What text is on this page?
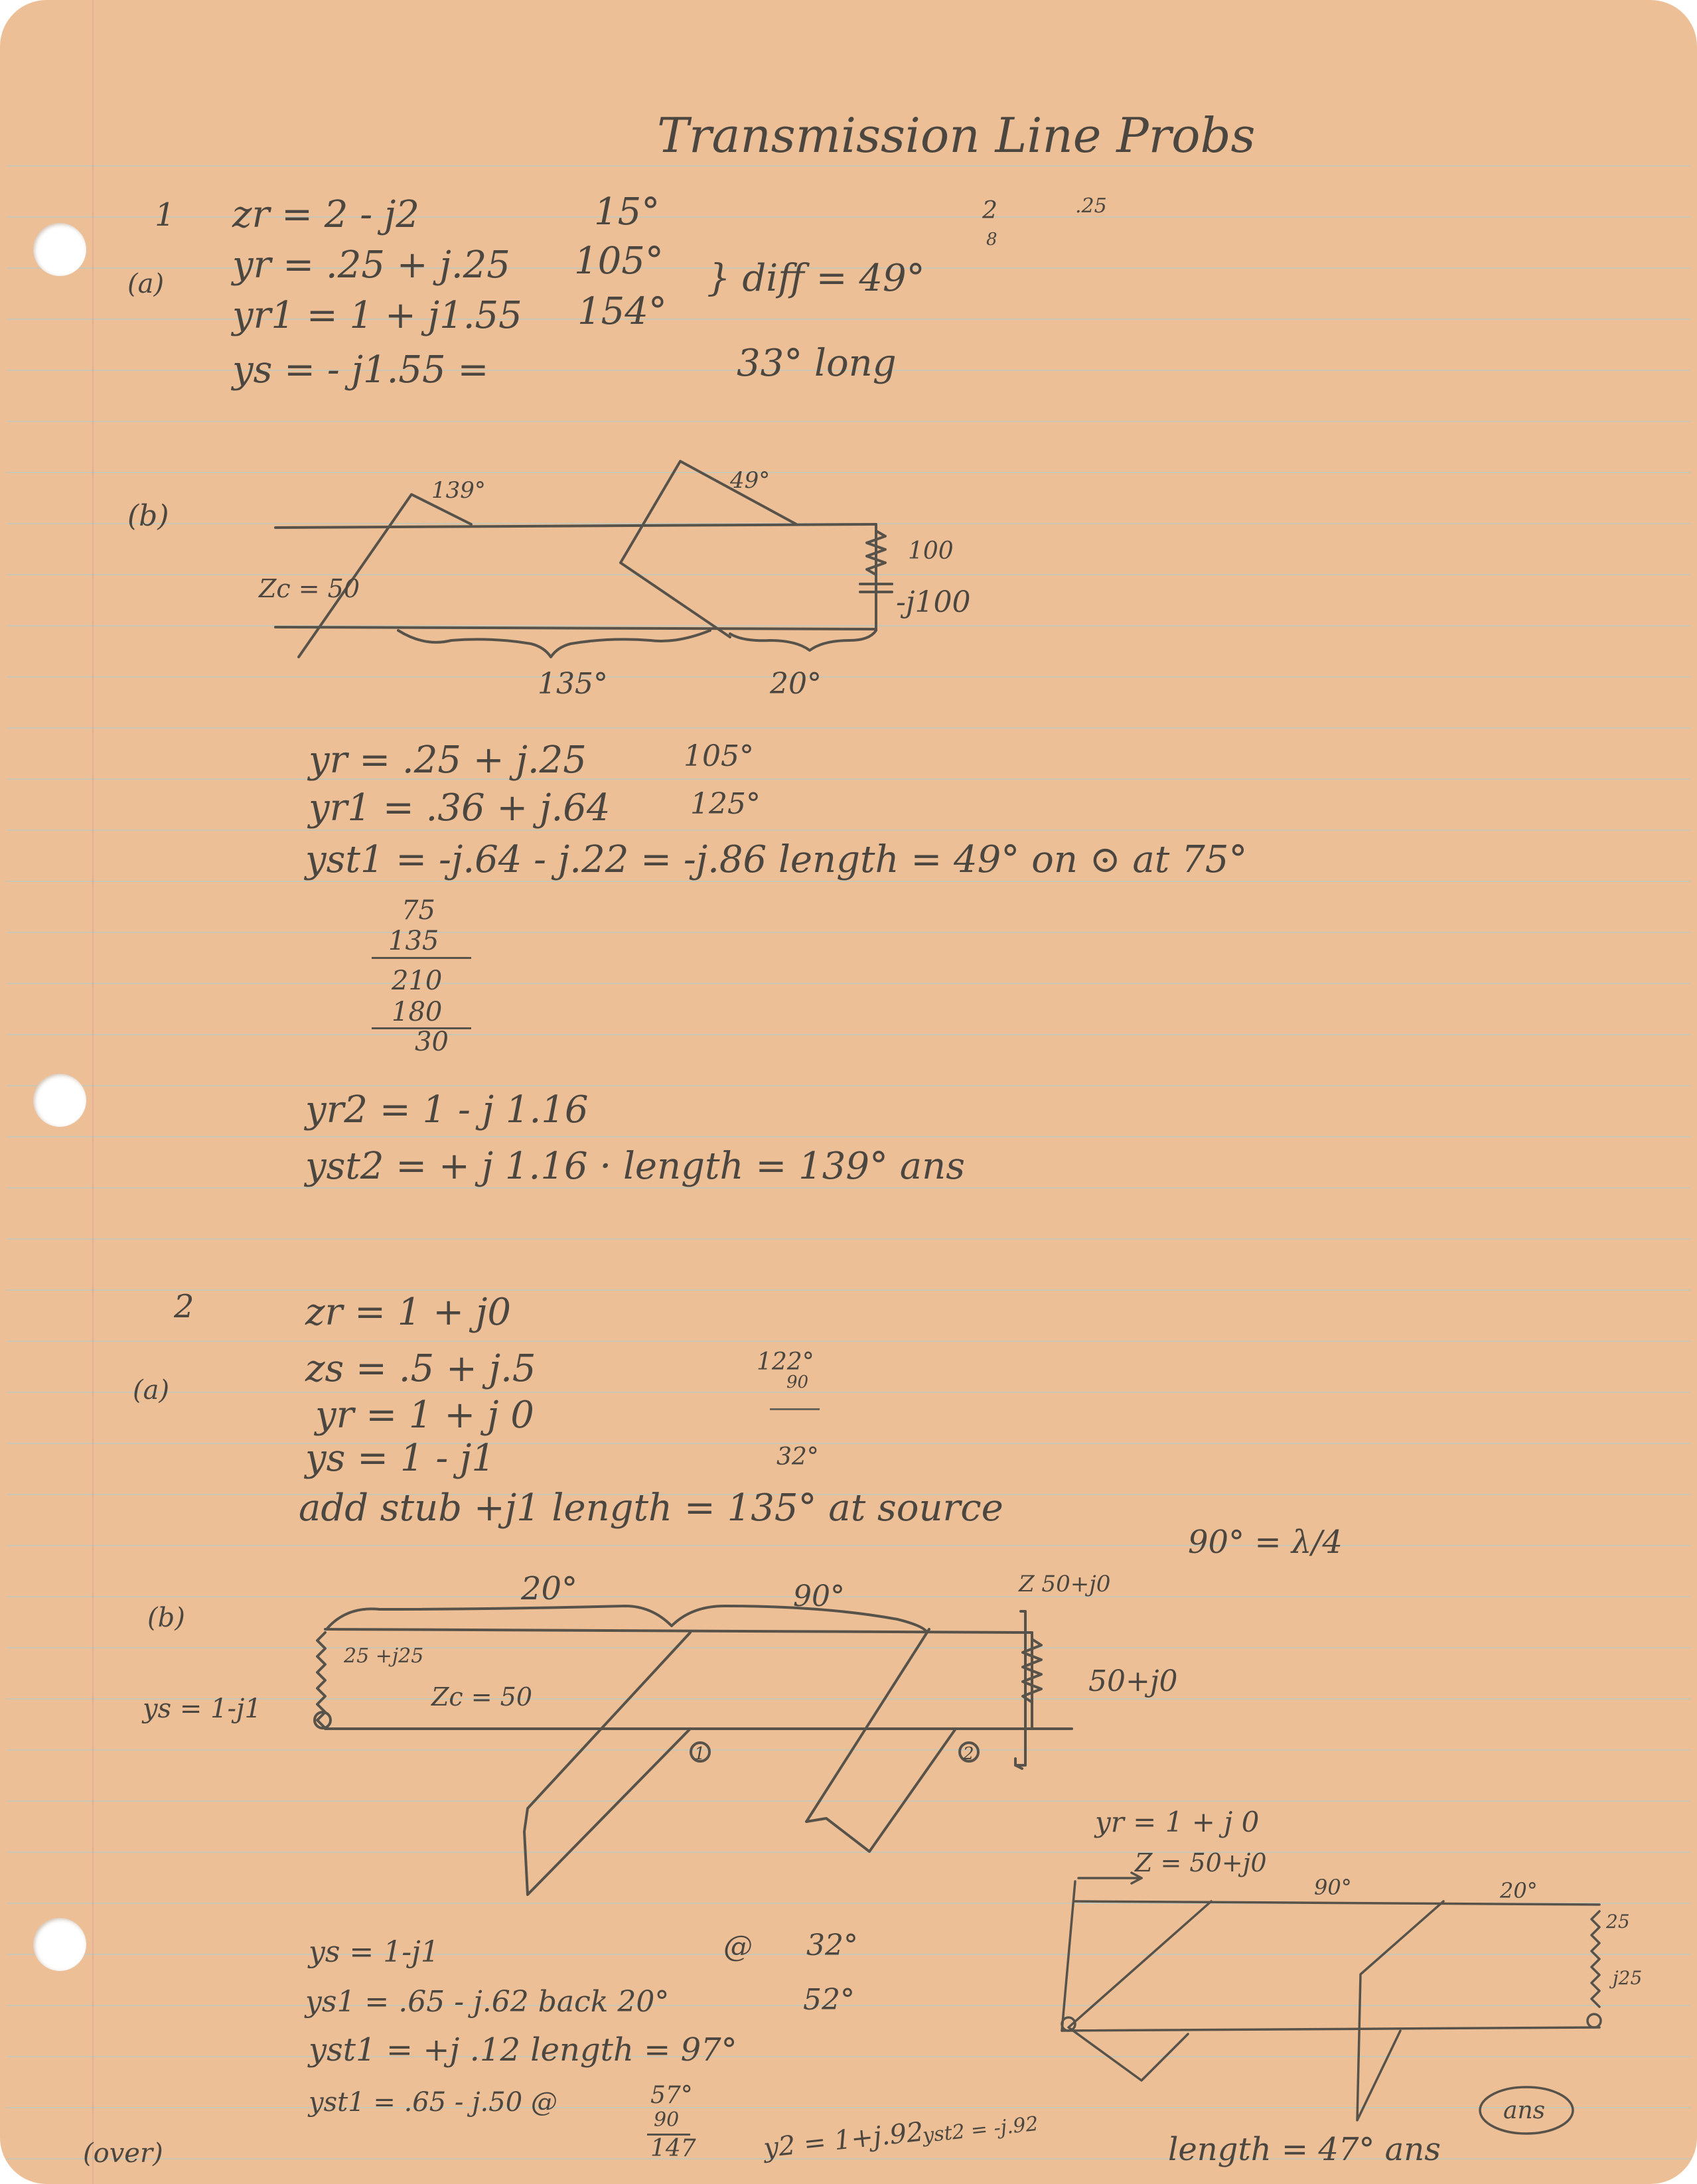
Transmission Line Probs
2
8
.25
1
(a)
zr = 2 - j2	15°
yr = .25 + j.25 105°
yr1 = 1 + j1.55 154°
} diff = 49°
ys = - j1.55 =	33° long
(b)
139°	49°
Zc = 50
100
-j100
135°	20°
yr = .25 + j.25	105°
yr1 = .36 + j.64	125°
yst1 = -j.64 - j.22 = -j.86 length = 49° on ⊙ at 75°
75
135
210
180
30
yr2 = 1 - j 1.16
yst2 = + j 1.16 · length = 139° ans
2
(a)
zr = 1 + j0
zs = .5 + j.5	122°
90
yr = 1 + j 0
ys = 1 - j1	32°
add stub +j1 length = 135° at source
90° = λ/4
(b)
ys = 1-j1
20°	90°	Z 50+j0
25 +j25
Zc = 50	50+j0
1	2
yr = 1 + j 0
Z = 50+j0
90°	20°
25
j25
ans
ys = 1-j1	@ 32°
ys1 = .65 - j.62 back 20°	52°
yst1 = +j .12 length = 97°
yst1 = .65 - j.50 @	57°
90
147 y2 = 1+j.92
yst2 = -j.92
length = 47° ans
(over)
